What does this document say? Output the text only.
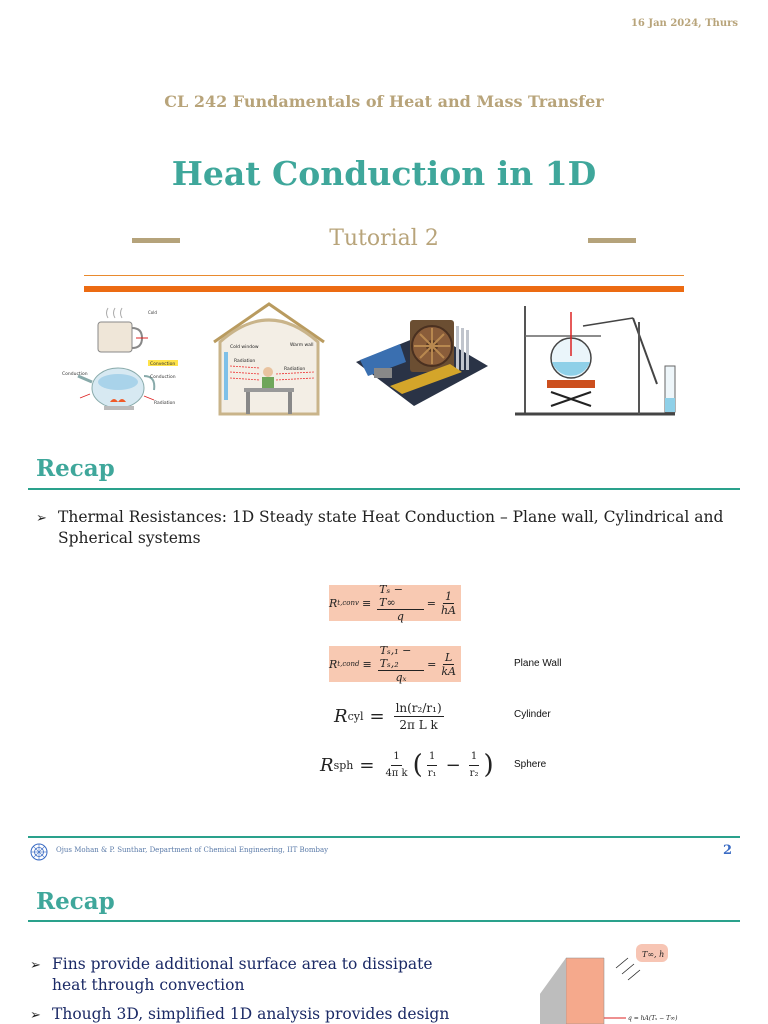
16 Jan 2024, Thurs
CL 242 Fundamentals of Heat and Mass Transfer
Heat Conduction in 1D
Tutorial 2
Cold
Convection
Conduction
Conduction
Radiation
Cold window	Warm wall
Radiation
Radiation
Recap
➢ Thermal Resistances: 1D Steady state Heat Conduction – Plane wall, Cylindrical and
Spherical systems
R t,conv ≡ $\frac{\text{Tₛ − T∞}}{q} = \frac{1}{hA}$
R t,cond ≡ $\frac{\text{Tₛ,₁ − Tₛ,₂}}{\text{qₓ}} = \frac{L}{kA}$	Plane Wall
R cyl = $\frac{\text{ln(r₂/r₁)}}{\text{2π L k}}$	Cylinder
R sph = $\frac{1}{\text{4π k}}$ ( $\frac{1}{\text{r₁}} - \frac{1}{\text{r₂}}$ ) Sphere
Ojus Mohan & P. Sunthar, Department of Chemical Engineering, IIT Bombay	2
Recap
➢ Fins provide additional surface area to dissipate
heat through convection
➢ Though 3D, simplified 1D analysis provides design
T∞, h
q = hA(Tₛ − T∞)
